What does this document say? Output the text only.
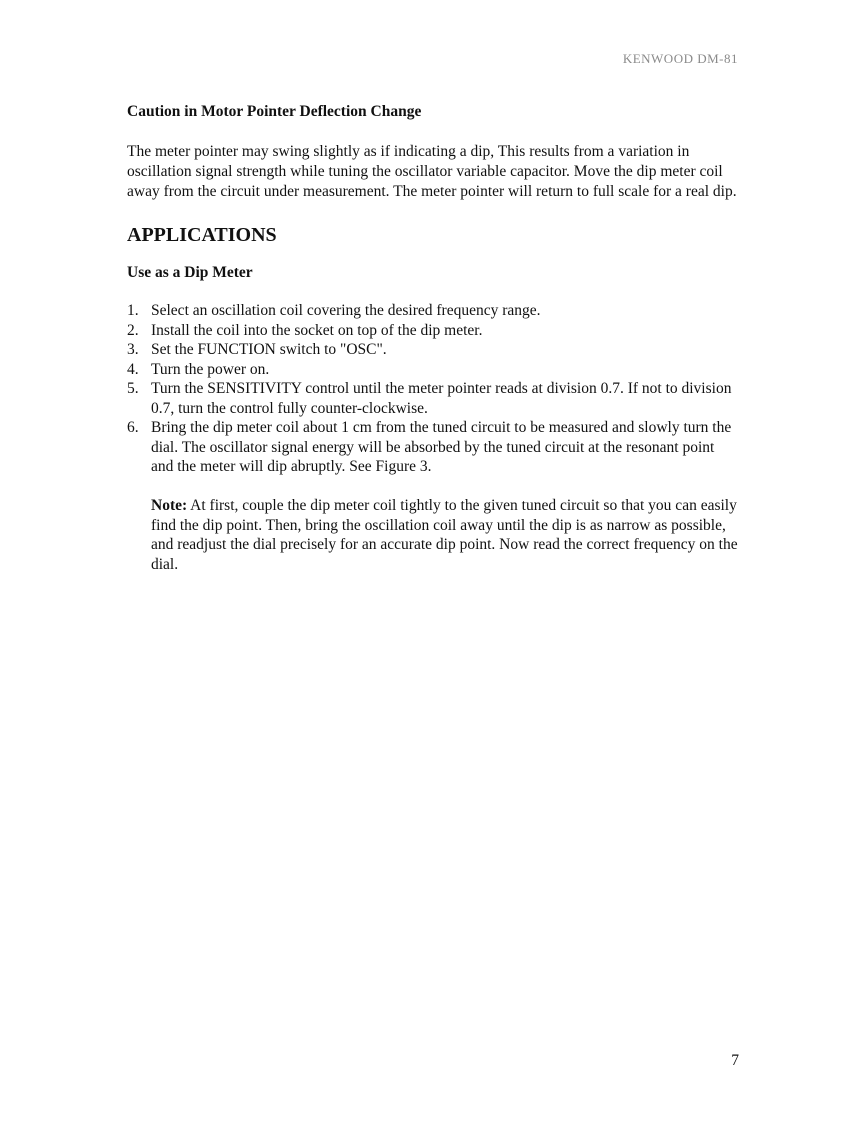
KENWOOD DM-81
Caution in Motor Pointer Deflection Change

The meter pointer may swing slightly as if indicating a dip, This results from a variation in oscillation signal strength while tuning the oscillator variable capacitor. Move the dip meter coil away from the circuit under measurement. The meter pointer will return to full scale for a real dip.

APPLICATIONS
Use as a Dip Meter
1. Select an oscillation coil covering the desired frequency range.
2. Install the coil into the socket on top of the dip meter.
3. Set the FUNCTION switch to "OSC".
4. Turn the power on.
5. Turn the SENSITIVITY control until the meter pointer reads at division 0.7. If not to division 0.7, turn the control fully counter-clockwise.
6. Bring the dip meter coil about 1 cm from the tuned circuit to be measured and slowly turn the dial. The oscillator signal energy will be absorbed by the tuned circuit at the resonant point and the meter will dip abruptly. See Figure 3.

Note: At first, couple the dip meter coil tightly to the given tuned circuit so that you can easily find the dip point. Then, bring the oscillation coil away until the dip is as narrow as possible, and readjust the dial precisely for an accurate dip point. Now read the correct frequency on the dial.

7
